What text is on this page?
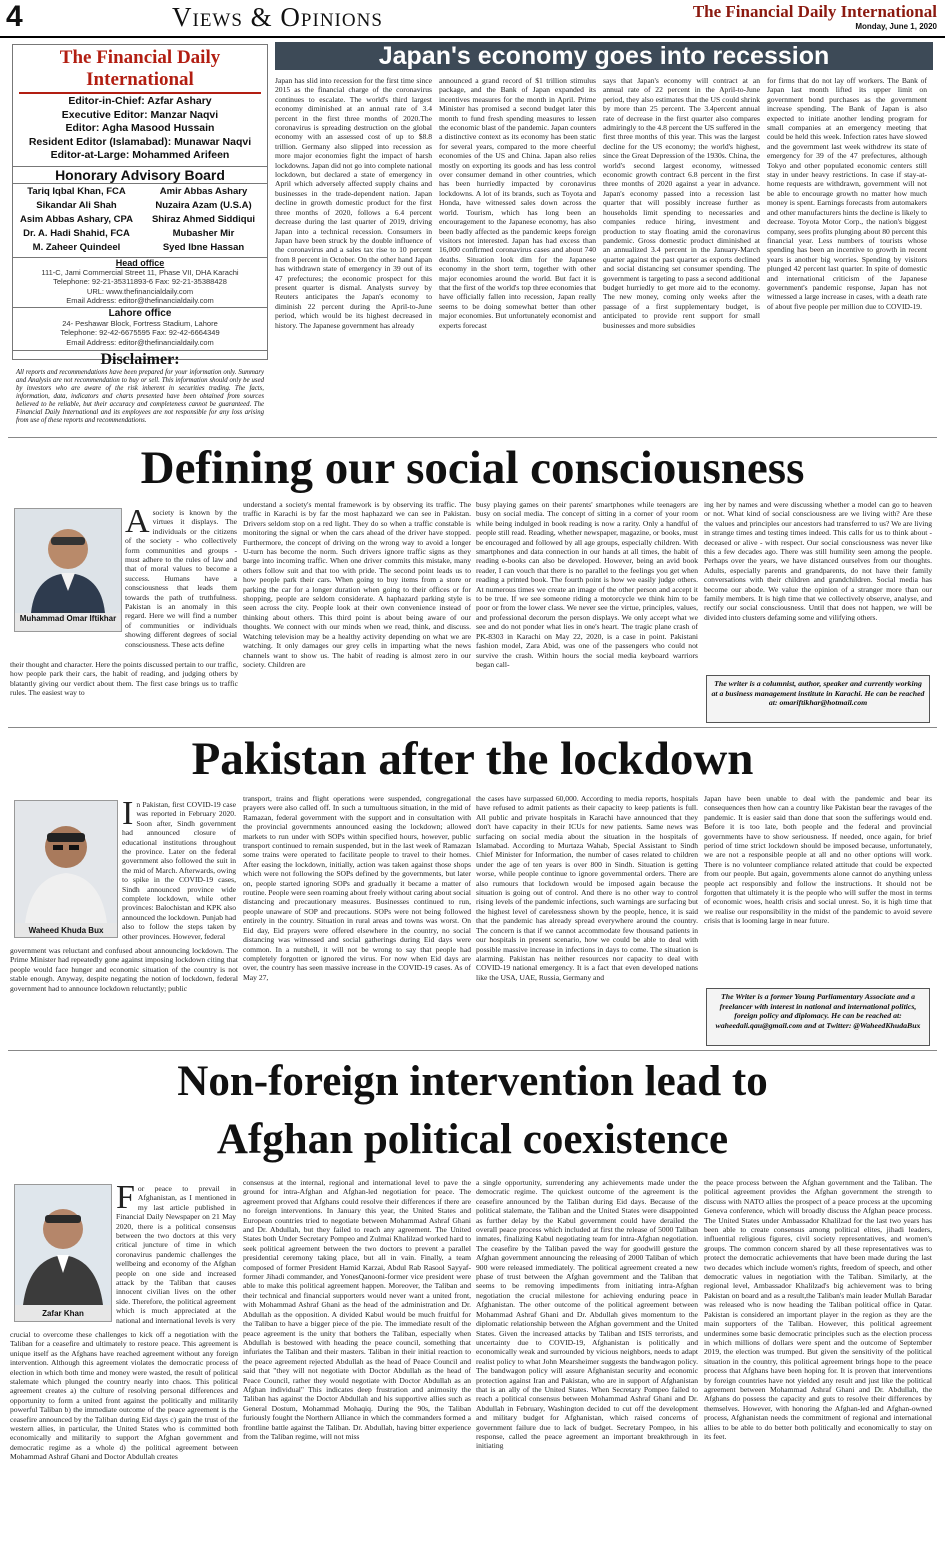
4	Views & Opinions	The Financial Daily International
Monday, June 1, 2020
The Financial Daily International
Editor-in-Chief: Azfar Ashary
Executive Editor: Manzar Naqvi
Editor: Agha Masood Hussain
Resident Editor (Islamabad): Munawar Naqvi
Editor-at-Large: Mohammed Arifeen
Honorary Advisory Board
Tariq Iqbal Khan, FCA	Amir Abbas Ashary
Sikandar Ali Shah	Nuzaira Azam (U.S.A)
Asim Abbas Ashary, CPA	Shiraz Ahmed Siddiqui
Dr. A. Hadi Shahid, FCA	Mubasher Mir
M. Zaheer Quindeel	Syed Ibne Hassan
Head office
111-C, Jami Commercial Street 11, Phase VII, DHA Karachi
Telephone: 92-21-35311893-6 Fax: 92-21-35388428
URL: www.thefinancialdaily.com
Email Address: editor@thefinancialdaily.com
Lahore office
24- Peshawar Block, Fortress Stadium, Lahore
Telephone: 92-42-6675595 Fax: 92-42-6664349
Email Address: editor@thefinancialdaily.com
Disclaimer:
All reports and recommendations have been prepared for your information only. Summary and Analysis are not recommendation to buy or sell. This information should only be used by investors who are aware of the risk inherent in securities trading. The facts, information, data, indicators and charts presented have been obtained from sources believed to be reliable, but their accuracy and completeness cannot be guaranteed. The Financial Daily International and its employees are not responsible for any loss arising from use of these reports and recommendations.
Japan's economy goes into recession
Japan has slid into recession for the first time since 2015 as the financial charge of the coronavirus continues to escalate. The world's third largest economy diminished at an annual rate of 3.4 percent in the first three months of 2020.The coronavirus is spreading destruction on the global economy with an assessed cost of up to $8.8 trillion. Germany also slipped into recession as more major economies fight the impact of harsh lockdowns. Japan did not go into complete national lockdown, but declared a state of emergency in April which adversely affected supply chains and businesses in the trade-dependent nation. Japan decline in growth domestic product for the first three months of 2020, follows a 6.4 percent decrease during the last quarter of 2019, driving Japan into a technical recession. Consumers in Japan have been struck by the double influence of the coronavirus and a sales tax rise to 10 percent from 8 percent in October. On the other hand Japan has withdrawn state of emergency in 39 out of its 47 prefectures; the economic prospect for this present quarter is dismal. Analysts survey by Reuters anticipates the Japan's economy to diminish 22 percent during the April-to-June period, which would be its highest decreased in history. The Japanese government has already
announced a grand record of $1 trillion stimulus package, and the Bank of Japan expanded its incentives measures for the month in April. Prime Minister has promised a second budget later this month to fund fresh spending measures to lessen the economic blast of the pandemic. Japan counters a distinctive context as its economy has been static for several years, compared to the more cheerful economies of the US and China. Japan also relies mostly on exporting its goods and has less control over consumer demand in other countries, which has been hurriedly impacted by coronavirus lockdowns. A lot of its brands, such as Toyota and Honda, have witnessed sales down across the world. Tourism, which has long been an encouragement to the Japanese economy, has also been badly affected as the pandemic keeps foreign visitors not interested. Japan has had excess than 16,000 confirmed coronavirus cases and about 740 deaths. Situation look dim for the Japanese economy in the short term, together with other major economies around the world. But fact it is that the first of the world's top three economies that have officially fallen into recession, Japan really seems to be doing somewhat better than other major economies. But unfortunately economist and experts forecast
says that Japan's economy will contract at an annual rate of 22 percent in the April-to-June period, they also estimates that the US could shrink by more than 25 percent. The 3.4percent annual rate of decrease in the first quarter also compares admiringly to the 4.8 percent the US suffered in the first three months of this year. This was the largest decline for the US economy; the world's highest, since the Great Depression of the 1930s. China, the world's second largest economy, witnessed economic growth contract 6.8 percent in the first three months of 2020 against a year in advance. Japan's economy passed into a recession last quarter that will possibly increase further as households limit spending to necessaries and companies reduce hiring, investment and production to stay floating amid the coronavirus pandemic. Gross domestic product diminished at an annualized 3.4 percent in the January-March quarter against the past quarter as exports declined and social distancing set consumer spending. The government is targeting to pass a second additional budget hurriedly to get more aid to the economy. The new money, coming only weeks after the passage of a first supplementary budget, is anticipated to provide rent support for small businesses and more subsidies
for firms that do not lay off workers. The Bank of Japan last month lifted its upper limit on government bond purchases as the government increase spending. The Bank of Japan is also expected to initiate another lending program for small companies at an emergency meeting that could be held this week. Infection rates have slowed and the government last week withdrew its state of emergency for 39 of the 47 prefectures, although Tokyo and other populated economic centers still stay in under heavy restrictions. In case if stay-at-home requests are withdrawn, government will not be able to encourage growth no matter how much money is spent. Earnings forecasts from automakers and other manufacturers hints the decline is likely to decrease. Toyota Motor Corp., the nation's biggest company, sees profits plunging about 80 percent this financial year. Less numbers of tourists whose spending has been an incentive to growth in recent years is another big worries. Spending by visitors plunged 42 percent last quarter. In spite of domestic and international criticism of the Japanese government's pandemic response, Japan has not witnessed a large increase in cases, with a death rate of about five people per million due to COVID-19.
Defining our social consciousness
Muhammad Omar Iftikhar
Asociety is known by the virtues it displays. The individuals or the citizens of the society - who collectively form communities and groups - must adhere to the rules of law and that of moral values to become a success. Humans have a consciousness that leads them towards the path of truthfulness. Pakistan is an anomaly in this regard. Here we will find a number of communities or individuals showing different degrees of social consciousness. These acts define
their thought and character. Here the points discussed pertain to our traffic, how people park their cars, the habit of reading, and judging others by blatantly giving our verdict about them. The first case brings us to traffic rules. The easiest way to
understand a society's mental framework is by observing its traffic. The traffic in Karachi is by far the most haphazard we can see in Pakistan. Drivers seldom stop on a red light. They do so when a traffic constable is monitoring the signal or when the cars ahead of the driver have stopped. Furthermore, the concept of driving on the wrong way to avoid a longer U-turn has become the norm. Such drivers ignore traffic signs as they barge into incoming traffic. When one driver commits this mistake, many others follow suit and that too with pride. The second point leads us to how people park their cars. When going to buy items from a store or parking the car for a longer duration when going to their offices or for shopping, people are seldom considerate. A haphazard parking style is seen across the city. People look at their own convenience instead of thinking about others. This third point is about being aware of our thoughts. We connect with our minds when we read, think, and discuss. Watching television may be a healthy activity depending on what we are watching. It only damages our grey cells in imparting what the news channels want to show us. The habit of reading is almost zero in our society. Children are
busy playing games on their parents' smartphones while teenagers are busy on social media. The concept of sitting in a corner of your room while being indulged in book reading is now a rarity. Only a handful of people still read. Reading, whether newspaper, magazine, or books, must be encouraged and followed by all age groups, especially children. With smartphones and data connection in our hands at all times, the habit of reading e-books can also be developed. However, being an avid book reader, I can vouch that there is no parallel to the feelings you get when reading a printed book. The fourth point is how we easily judge others. At numerous times we create an image of the other person and accept it to be true. If we see someone riding a motorcycle we think him to be poor or from the lower class. We never see the virtue, principles, values, and professional decorum the person displays. We only accept what we see and do not ponder what lies in one's heart. The tragic plane crash of PK-8303 in Karachi on May 22, 2020, is a case in point. Pakistani fashion model, Zara Abid, was one of the passengers who could not survive the crash. Within hours the social media keyboard warriors began call-
ing her by names and were discussing whether a model can go to heaven or not. What kind of social consciousness are we living with? Are these the values and principles our ancestors had transferred to us? We are living in strange times and testing times indeed. This calls for us to think about - deceased or alive - with respect. Our social consciousness was never like this a few decades ago. There was still humility seen among the people. Perhaps over the years, we have distanced ourselves from our thoughts. Adults, especially parents and grandparents, do not have their family conversations with their children and grandchildren. Social media has become our abode. We value the opinion of a stranger more than our family members. It is high time that we collectively observe, analyse, and rectify our social consciousness. Until that does not happen, we will be divided into clusters defaming some and vilifying others.
The writer is a columnist, author, speaker and currently working at a business management institute in Karachi. He can be reached at: omariftikhar@hotmail.com
Pakistan after the lockdown
Waheed Khuda Bux
In Pakistan, first COVID-19 case was reported in February 2020. Soon after, Sindh government had announced closure of educational institutions throughout the province. Later on the federal government also followed the suit in the mid of March. Afterwards, owing to spike in the COVID-19 cases, Sindh announced province wide complete lockdown, while other provinces: Balochistan and KPK also announced the lockdown. Punjab had also to follow the steps taken by other provinces. However, federal
government was reluctant and confused about announcing lockdown. The Prime Minister had repeatedly gone against imposing lockdown citing that people would face hunger and economic situation of the country is not stable enough. Anyway, despite negating the notion of lockdown, federal government had to announce lockdown reluctantly; public
transport, trains and flight operations were suspended, congregational prayers were also called off. In such a tumultuous situation, in the mid of Ramazan, federal government with the support and in consultation with the provincial governments announced easing the lockdown; allowed markets to run under with SOPs within specified hours, however, public transport continued to remain suspended, but in the last week of Ramazan some trains were operated to facilitate people to travel to their homes. After easing the lockdown, initially, action was taken against those shops which were not following the SOPs defined by the governments, but later on, people started ignoring SOPs and gradually it became a matter of routine. People were seen roaming about freely without caring about social distancing and precautionary measures. Businesses continued to run, people unaware of SOP and precautions. SOPs were not being followed entirely in the country. Situation in rural areas and towns was worst. On Eid day, Eid prayers were offered elsewhere in the country, no social distancing was witnessed and social gatherings during Eid days were common. In a nutshell, it will not be wrong to say that people had completely forgotten or ignored the virus. For now when Eid days are over, the country has seen massive increase in the COVID-19 cases. As of May 27,
the cases have surpassed 60,000. According to media reports, hospitals have refused to admit patients as their capacity to keep patients is full. All public and private hospitals in Karachi have announced that they don't have capacity in their ICUs for new patients. Same news was surfacing on social media about the situation in the hospitals of Islamabad. According to Murtaza Wahab, Special Assistant to Sindh Chief Minister for Information, the number of cases related to children under the age of ten years is over 800 in Sindh. Situation is getting worse, while people continue to ignore governmental orders. There are also rumours that lockdown would be imposed again because the situation is going out of control. And there is no other way to control rising levels of the pandemic infections, such warnings are surfacing but the highest level of carelessness shown by the people, hence, it is said that the pandemic has already spread everywhere around the country. The concern is that if we cannot accommodate few thousand patients in our hospitals in present scenario, how we could be able to deal with possible massive increase in infections in days to come. The situation is alarming. Pakistan has neither resources nor capacity to deal with COVID-19 national emergency. It is a fact that even developed nations like the USA, UAE, Russia, Germany and
Japan have been unable to deal with the pandemic and bear its consequences then how can a country like Pakistan bear the ravages of the pandemic. It is easier said than done that soon the sufferings would end. Before it is too late, both people and the federal and provincial governments have to show seriousness. If needed, once again, for brief period of time strict lockdown should be imposed because, unfortunately, we are not a responsible people at all and no other options will work. There is no volunteer compliance related attitude that could be expected from our people. But again, governments alone cannot do anything unless people act responsibly and follow the instructions. It should not be forgotten that ultimately it is the people who will suffer the most in terms of economic woes, health crisis and social unrest. So, it is high time that we realise our responsibility in the midst of the pandemic to avoid severe crisis that is looming large in near future.
The Writer is a former Young Parliamentary Associate and a freelancer with interest in national and international politics, foreign policy and diplomacy. He can be reached at: waheedali.qau@gmail.com and at Twitter: @WaheedKhudaBux
Non-foreign intervention lead to
Afghan political coexistence
Zafar Khan
For peace to prevail in Afghanistan, as I mentioned in my last article published in Financial Daily Newspaper on 21 May 2020, there is a political consensus between the two doctors at this very critical juncture of time in which coronavirus pandemic challenges the wellbeing and economy of the Afghan people on one side and increased attack by the Taliban that causes innocent civilian lives on the other side. Therefore, the political agreement which is much appreciated at the national and international levels is very
crucial to overcome these challenges to kick off a negotiation with the Taliban for a ceasefire and ultimately to restore peace. This agreement is unique itself as the Afghans have reached agreement without any foreign intervention. Although this agreement violates the democratic process of election in which both time and money were wasted, the result of political stalemate which plunged the country nearly into chaos. This political agreement creates a) the culture of resolving personal differences and opportunity to form a united front against the politically and militarily powerful Taliban b) the immediate outcome of the peace agreement is the ceasefire announced by the Taliban during Eid days c) gain the trust of the western allies, in particular, the United States who is committed both economically and militarily to support the Afghan government and democratic regime as a whole d) the political agreement between Mohammad Ashraf Ghani and Doctor Abdullah creates
consensus at the internal, regional and international level to pave the ground for intra-Afghan and Afghan-led negotiation for peace. The agreement proved that Afghans could resolve their differences if there are no foreign interventions. In January this year, the United States and European countries tried to negotiate between Mohammad Ashraf Ghani and Dr. Abdullah, but they failed to reach any agreement. The United States both Under Secretary Pompeo and Zulmai Khalilzad worked hard to seek political agreement between the two doctors to prevent a parallel presidential ceremony taking place, but all in vain. Finally, a team composed of former President Hamid Karzai, Abdul Rab Rasool Sayyaf-former Jihadi commander, and YonesQanooni-former vice president were able to make this political agreement happen. Moreover, the Taliban and their technical and financial supporters would never want a united front, with Mohammad Ashraf Ghani as the head of the administration and Dr. Abdullah as the opposition. A divided Kabul would be much fruitful for the Taliban to have a bigger piece of the pie. The immediate result of the peace agreement is the unity that bothers the Taliban, especially when Abdullah is bestowed with heading the peace council, something that infuriates the Taliban and their masters. Taliban in their initial reaction to the peace agreement rejected Abdullah as the head of Peace Council and said that "they will not negotiate with Doctor Abdullah as the head of Peace Council, rather they would negotiate with Doctor Abdullah as an Afghan individual" This indicates deep frustration and animosity the Taliban has against the Doctor Abdullah and his supportive allies such as General Dostum, Mohammad Mohaqiq. During the 90s, the Taliban furiously fought the Northern Alliance in which the commanders formed a frontline battle against the Taliban. Dr. Abdullah, having bitter experience from the Taliban regime, will not miss
a single opportunity, surrendering any achievements made under the democratic regime. The quickest outcome of the agreement is the ceasefire announced by the Taliban during Eid days. Because of the political stalemate, the Taliban and the United States were disappointed as further delay by the Kabul government could have derailed the overall peace process which included at first the release of 5000 Taliban inmates, finalizing Kabul negotiating team for intra-Afghan negotiation. The ceasefire by the Taliban paved the way for goodwill gesture the Afghan government announcing the releasing of 2000 Taliban of which 900 were released immediately. The political agreement created a new phase of trust between the Afghan government and the Taliban that seems to be removing impediments from initiating intra-Afghan negotiation the crucial milestone for achieving enduring peace in Afghanistan. The other outcome of the political agreement between Mohammad Ashraf Ghani and Dr. Abdullah gives momentum to the diplomatic relationship between the Afghan government and the United States. Given the increased attacks by Taliban and ISIS terrorists, and uncertainty due to COVID-19, Afghanistan is politically and economically weak and surrounded by vicious neighbors, needs to adapt realist policy to what John Mearsheimer suggests the bandwagon policy. The bandwagon policy will assure Afghanistan security and economic protection against Iran and Pakistan, who are in support of Afghanistan that is an ally of the United States. When Secretary Pompeo failed to reach a political consensus between Mohammad Ashraf Ghani and Dr. Abdullah in February, Washington decided to cut off the development and military budget for Afghanistan, which raised concerns of government failure due to lack of budget. Secretary Pompeo, in his response, called the peace agreement an important breakthrough in initiating
the peace process between the Afghan government and the Taliban. The political agreement provides the Afghan government the strength to discuss with NATO allies the prospect of a peace process at the upcoming Geneva conference, which will broadly discuss the Afghan peace process. The United States under Ambassador Khalilzad for the last two years has been able to create consensus among political elites, jihadi leaders, influential religious figures, civil society representatives, and women's groups. The common concern shared by all these representatives was to protect the democratic achievements that have been made during the last two decades which include women's rights, freedom of speech, and other democratic values in negotiation with the Taliban. Similarly, at the regional level, Ambassador Khalilzad's big achievement was to bring Pakistan on board and as a result,the Taliban's main leader Mullah Baradar was released who is now heading the Taliban political office in Qatar. Pakistan is considered an important player in the region as they are the main supporters of the Taliban. However, this political agreement undermines some basic democratic principles such as the election process in which millions of dollars were spent and the outcome of September 2019, the election was trumped. But given the sensitivity of the political situation in the country, this political agreement brings hope to the peace process that Afghans have been hoping for. It is proven that interventions by foreign countries have not yielded any result and just like the political agreement between Mohammad Ashraf Ghani and Dr. Abdullah, the Afghans do possess the capacity and guts to resolve their differences by themselves. However, with honoring the Afghan-led and Afghan-owned process, Afghanistan needs the commitment of regional and international allies to be able to do better both politically and economically to stay on its feet.
